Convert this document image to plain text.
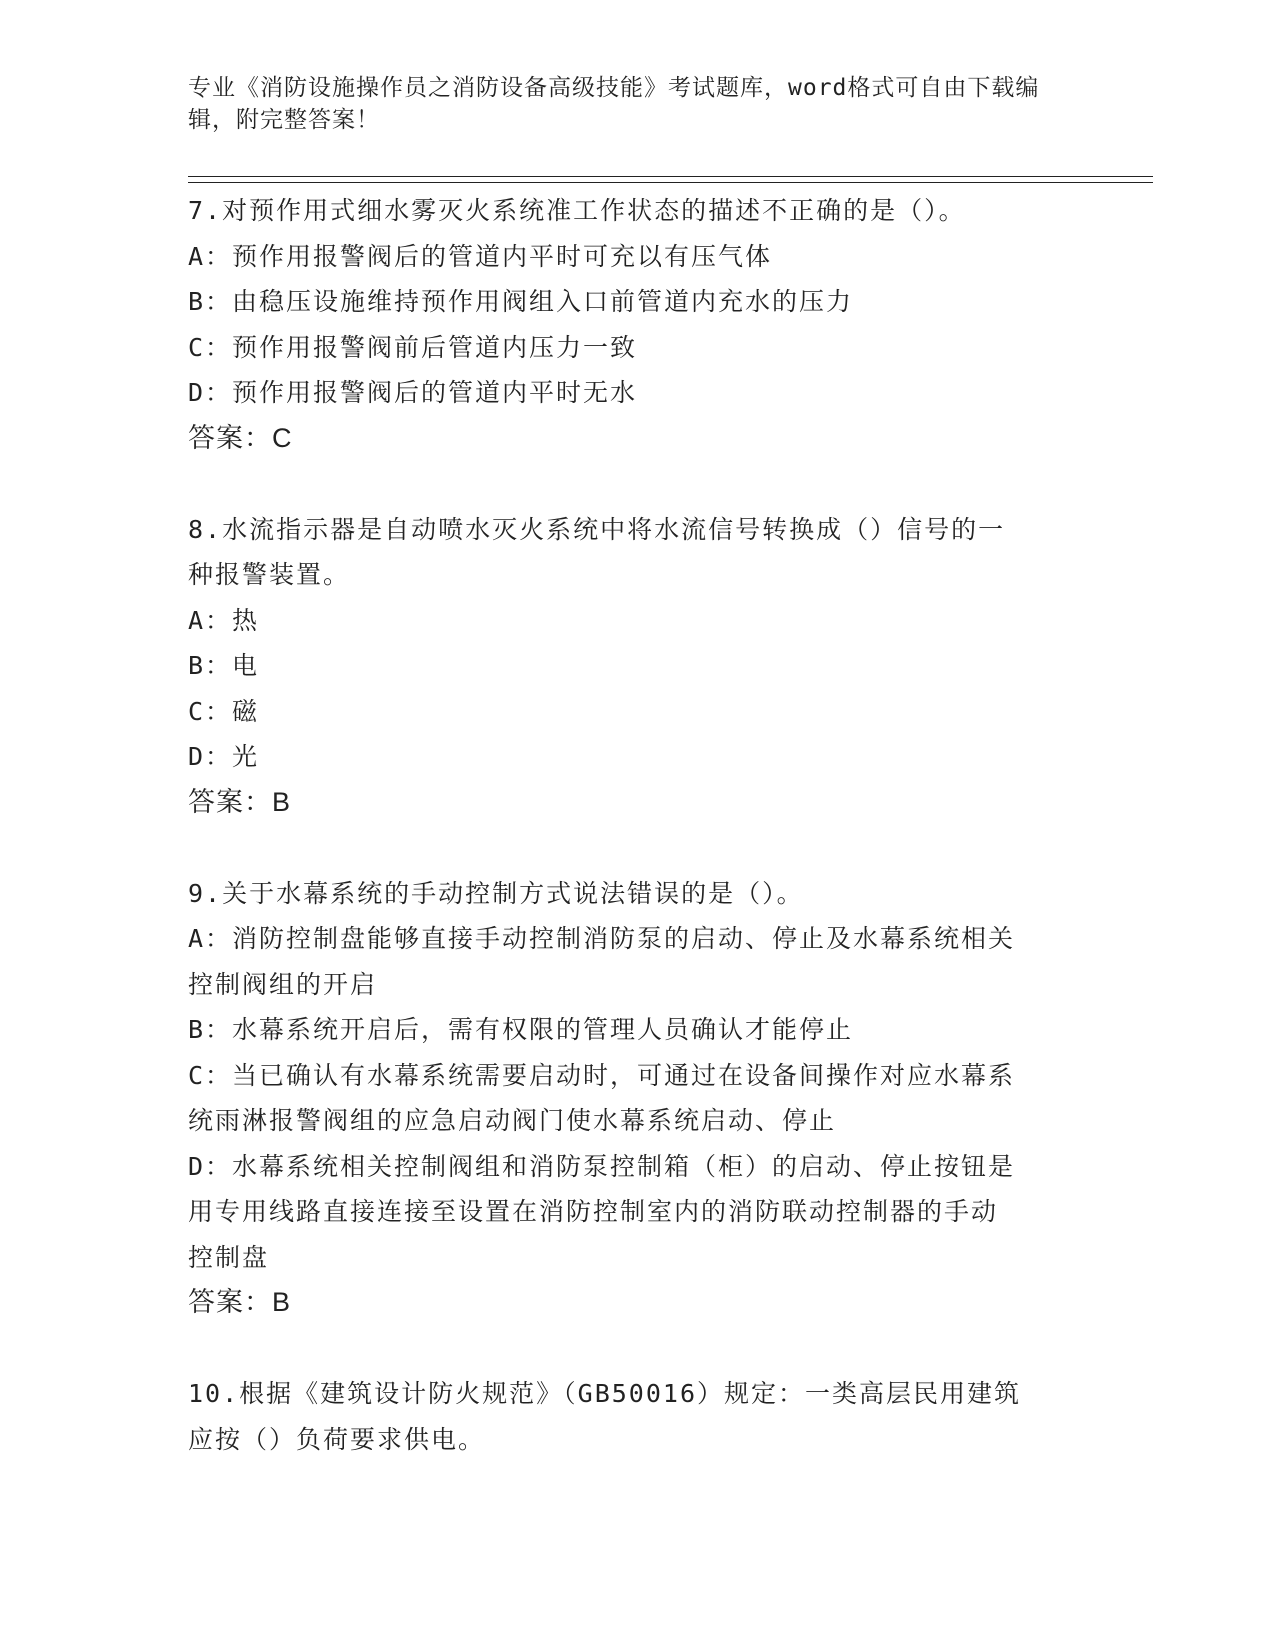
专业《消防设施操作员之消防设备高级技能》考试题库，word格式可自由下载编
辑，附完整答案！
7.对预作用式细水雾灭火系统准工作状态的描述不正确的是（）。
A：预作用报警阀后的管道内平时可充以有压气体
B：由稳压设施维持预作用阀组入口前管道内充水的压力
C：预作用报警阀前后管道内压力一致
D：预作用报警阀后的管道内平时无水
答案：C
8.水流指示器是自动喷水灭火系统中将水流信号转换成（）信号的一
种报警装置。
A：热
B：电
C：磁
D：光
答案：B
9.关于水幕系统的手动控制方式说法错误的是（）。
A：消防控制盘能够直接手动控制消防泵的启动、停止及水幕系统相关
控制阀组的开启
B：水幕系统开启后，需有权限的管理人员确认才能停止
C：当已确认有水幕系统需要启动时，可通过在设备间操作对应水幕系
统雨淋报警阀组的应急启动阀门使水幕系统启动、停止
D：水幕系统相关控制阀组和消防泵控制箱（柜）的启动、停止按钮是
用专用线路直接连接至设置在消防控制室内的消防联动控制器的手动
控制盘
答案：B
10.根据《建筑设计防火规范》（GB50016）规定：一类高层民用建筑
应按（）负荷要求供电。
